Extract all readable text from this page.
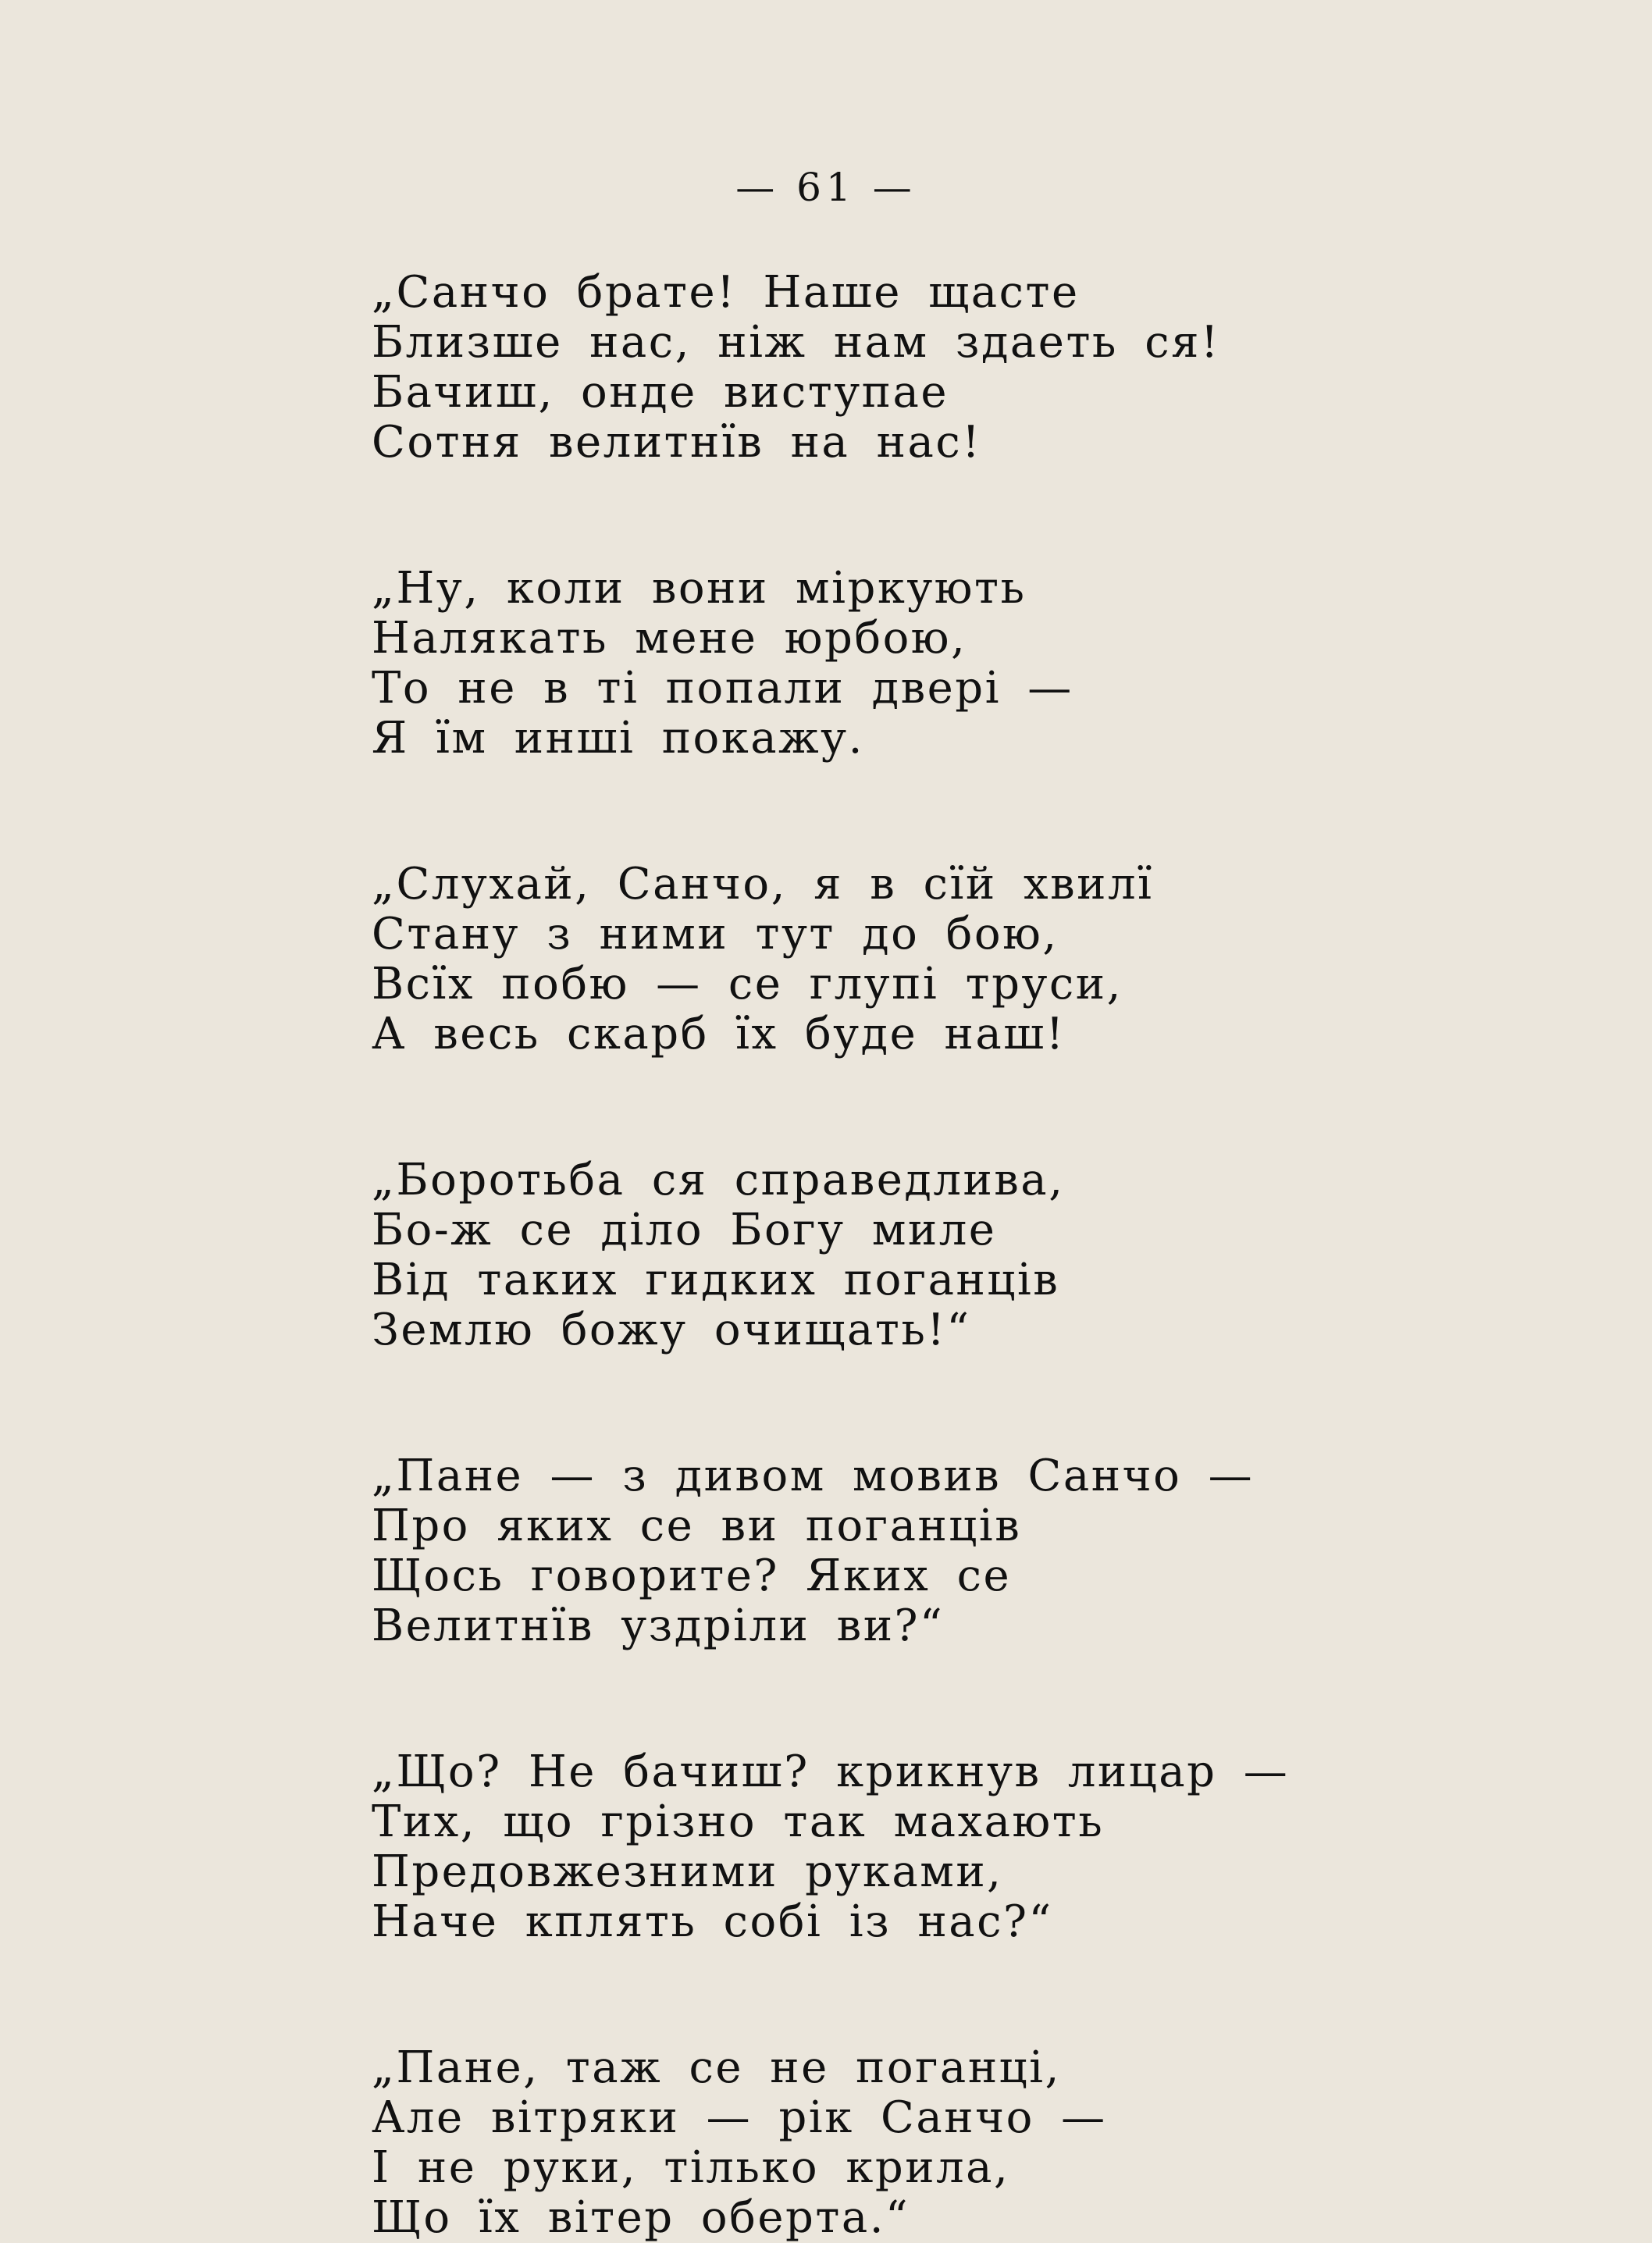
— 61 —
„Санчо брате! Наше щасте
Близше нас, ніж нам здаеть ся!
Бачиш, онде виступае
Сотня велитнїв на нас!
„Ну, коли вони міркують
Налякать мене юрбою,
То не в ті попали двері —
Я їм инші покажу.
„Слухай, Санчо, я в сїй хвилї
Стану з ними тут до бою,
Всїх побю — се глупі труси,
А весь скарб їх буде наш!
„Боротьба ся справедлива,
Бо-ж се діло Богу миле
Від таких гидких поганців
Землю божу очищать!“
„Пане — з дивом мовив Санчо —
Про яких се ви поганців
Щось говорите? Яких се
Велитнїв уздріли ви?“
„Що? Не бачиш? крикнув лицар —
Тих, що грізно так махають
Предовжезними руками,
Наче кплять собі із нас?“
„Пане, таж се не поганці,
Але вітряки — рік Санчо —
І не руки, тілько крила,
Що їх вітер оберта.“
